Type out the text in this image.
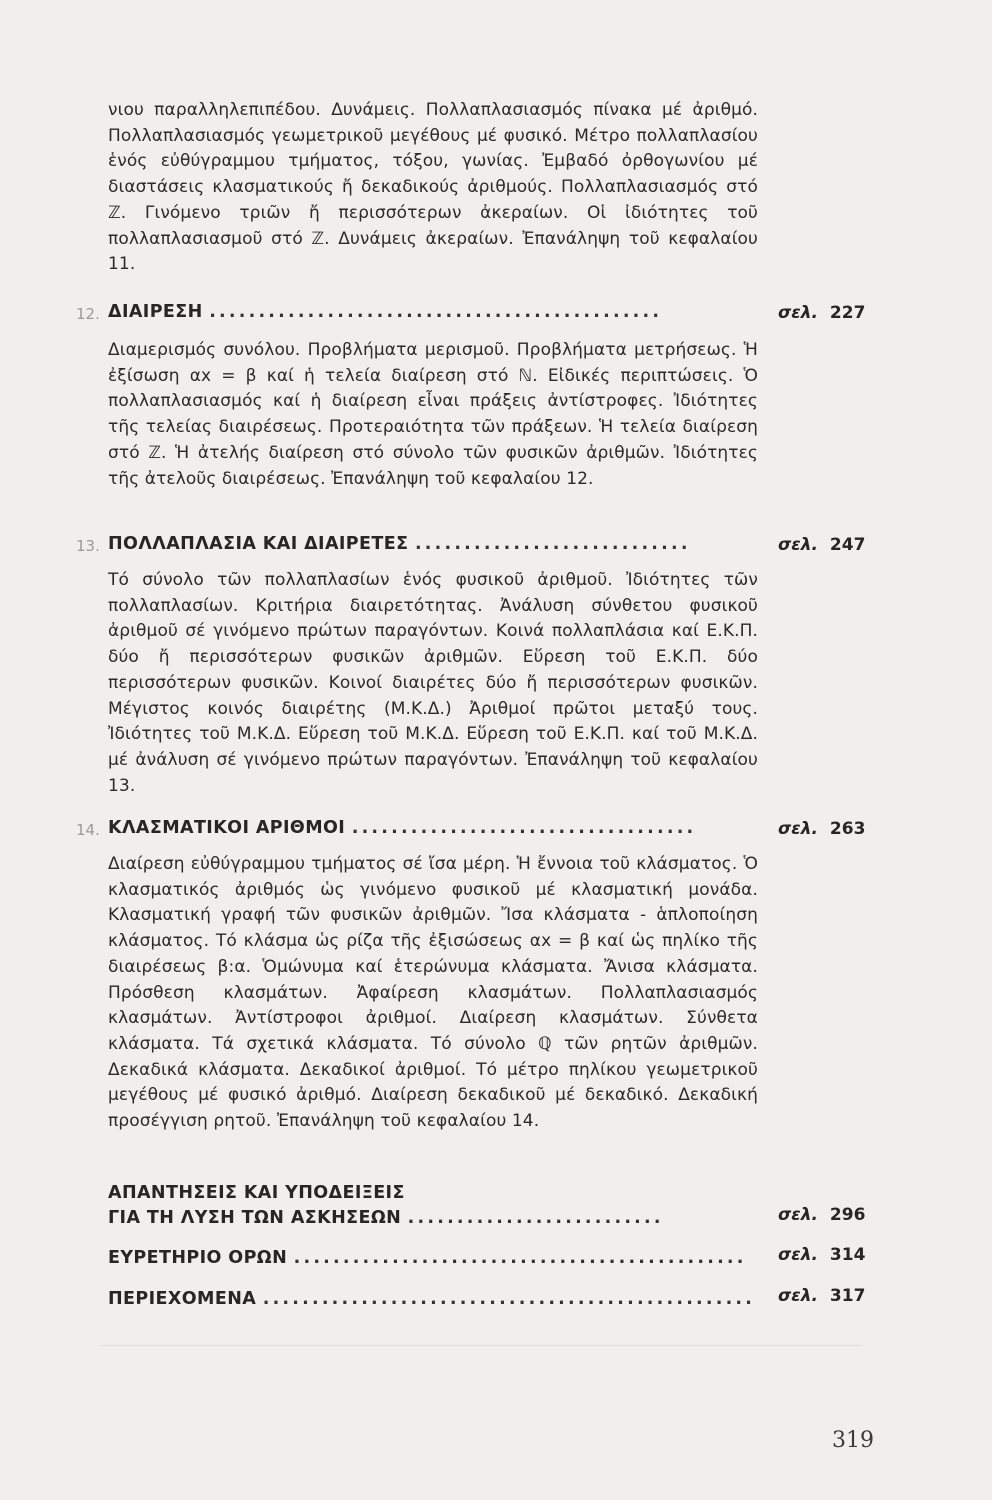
νιου παραλληλεπιπέδου. Δυνάμεις. Πολλαπλασιασμός πίνακα μέ ἀριθμό. Πολλαπλασιασμός γεωμετρικοῦ μεγέθους μέ φυσικό. Μέτρο πολλαπλασίου ἑνός εὐθύγραμμου τμήματος, τόξου, γωνίας. Ἐμβαδό ὀρθογωνίου μέ διαστάσεις κλασματικούς ἤ δεκαδικούς ἀριθμούς. Πολλαπλασιασμός στό ℤ. Γινόμενο τριῶν ἤ περισσότερων ἀκεραίων. Οἱ ἰδιότητες τοῦ πολλαπλασιασμοῦ στό ℤ. Δυνάμεις ἀκεραίων. Ἐπανάληψη τοῦ κεφαλαίου 11.

12. ΔΙΑΙΡΕΣΗ ..............................................	σελ. 227

Διαμερισμός συνόλου. Προβλήματα μερισμοῦ. Προβλήματα μετρήσεως. Ἡ ἐξίσωση αx = β καί ἡ τελεία διαίρεση στό ℕ. Εἰδικές περιπτώσεις. Ὁ πολλαπλασιασμός καί ἡ διαίρεση εἶναι πράξεις ἀντίστροφες. Ἰδιότητες τῆς τελείας διαιρέσεως. Προτεραιότητα τῶν πράξεων. Ἡ τελεία διαίρεση στό ℤ. Ἡ ἀτελής διαίρεση στό σύνολο τῶν φυσικῶν ἀριθμῶν. Ἰδιότητες τῆς ἀτελοῦς διαιρέσεως. Ἐπανάληψη τοῦ κεφαλαίου 12.

13. ΠΟΛΛΑΠΛΑΣΙΑ ΚΑΙ ΔΙΑΙΡΕΤΕΣ ............................	σελ. 247

Τό σύνολο τῶν πολλαπλασίων ἑνός φυσικοῦ ἀριθμοῦ. Ἰδιότητες τῶν πολλαπλασίων. Κριτήρια διαιρετότητας. Ἀνάλυση σύνθετου φυσικοῦ ἀριθμοῦ σέ γινόμενο πρώτων παραγόντων. Κοινά πολλαπλάσια καί Ε.Κ.Π. δύο ἤ περισσότερων φυσικῶν ἀριθμῶν. Εὕρεση τοῦ Ε.Κ.Π. δύο περισσότερων φυσικῶν. Κοινοί διαιρέτες δύο ἤ περισσότερων φυσικῶν. Μέγιστος κοινός διαιρέτης (Μ.Κ.Δ.) Ἀριθμοί πρῶτοι μεταξύ τους. Ἰδιότητες τοῦ Μ.Κ.Δ. Εὕρεση τοῦ Μ.Κ.Δ. Εὕρεση τοῦ Ε.Κ.Π. καί τοῦ Μ.Κ.Δ. μέ ἀνάλυση σέ γινόμενο πρώτων παραγόντων. Ἐπανάληψη τοῦ κεφαλαίου 13.

14. ΚΛΑΣΜΑΤΙΚΟΙ ΑΡΙΘΜΟΙ ...................................	σελ. 263

Διαίρεση εὐθύγραμμου τμήματος σέ ἴσα μέρη. Ἡ ἔννοια τοῦ κλάσματος. Ὁ κλασματικός ἀριθμός ὡς γινόμενο φυσικοῦ μέ κλασματική μονάδα. Κλασματική γραφή τῶν φυσικῶν ἀριθμῶν. Ἴσα κλάσματα - ἁπλοποίηση κλάσματος. Τό κλάσμα ὡς ρίζα τῆς ἐξισώσεως αx = β καί ὡς πηλίκο τῆς διαιρέσεως β:α. Ὁμώνυμα καί ἑτερώνυμα κλάσματα. Ἄνισα κλάσματα. Πρόσθεση κλασμάτων. Ἀφαίρεση κλασμάτων. Πολλαπλασιασμός κλασμάτων. Ἀντίστροφοι ἀριθμοί. Διαίρεση κλασμάτων. Σύνθετα κλάσματα. Τά σχετικά κλάσματα. Τό σύνολο ℚ τῶν ρητῶν ἀριθμῶν. Δεκαδικά κλάσματα. Δεκαδικοί ἀριθμοί. Τό μέτρο πηλίκου γεωμετρικοῦ μεγέθους μέ φυσικό ἀριθμό. Διαίρεση δεκαδικοῦ μέ δεκαδικό. Δεκαδική προσέγγιση ρητοῦ. Ἐπανάληψη τοῦ κεφαλαίου 14.

ΑΠΑΝΤΗΣΕΙΣ ΚΑΙ ΥΠΟΔΕΙΞΕΙΣ
ΓΙΑ ΤΗ ΛΥΣΗ ΤΩΝ ΑΣΚΗΣΕΩΝ ..........................	σελ. 296
ΕΥΡΕΤΗΡΙΟ ΟΡΩΝ ..............................................	σελ. 314
ΠΕΡΙΕΧΟΜΕΝΑ .................................................. σελ. 317
319
